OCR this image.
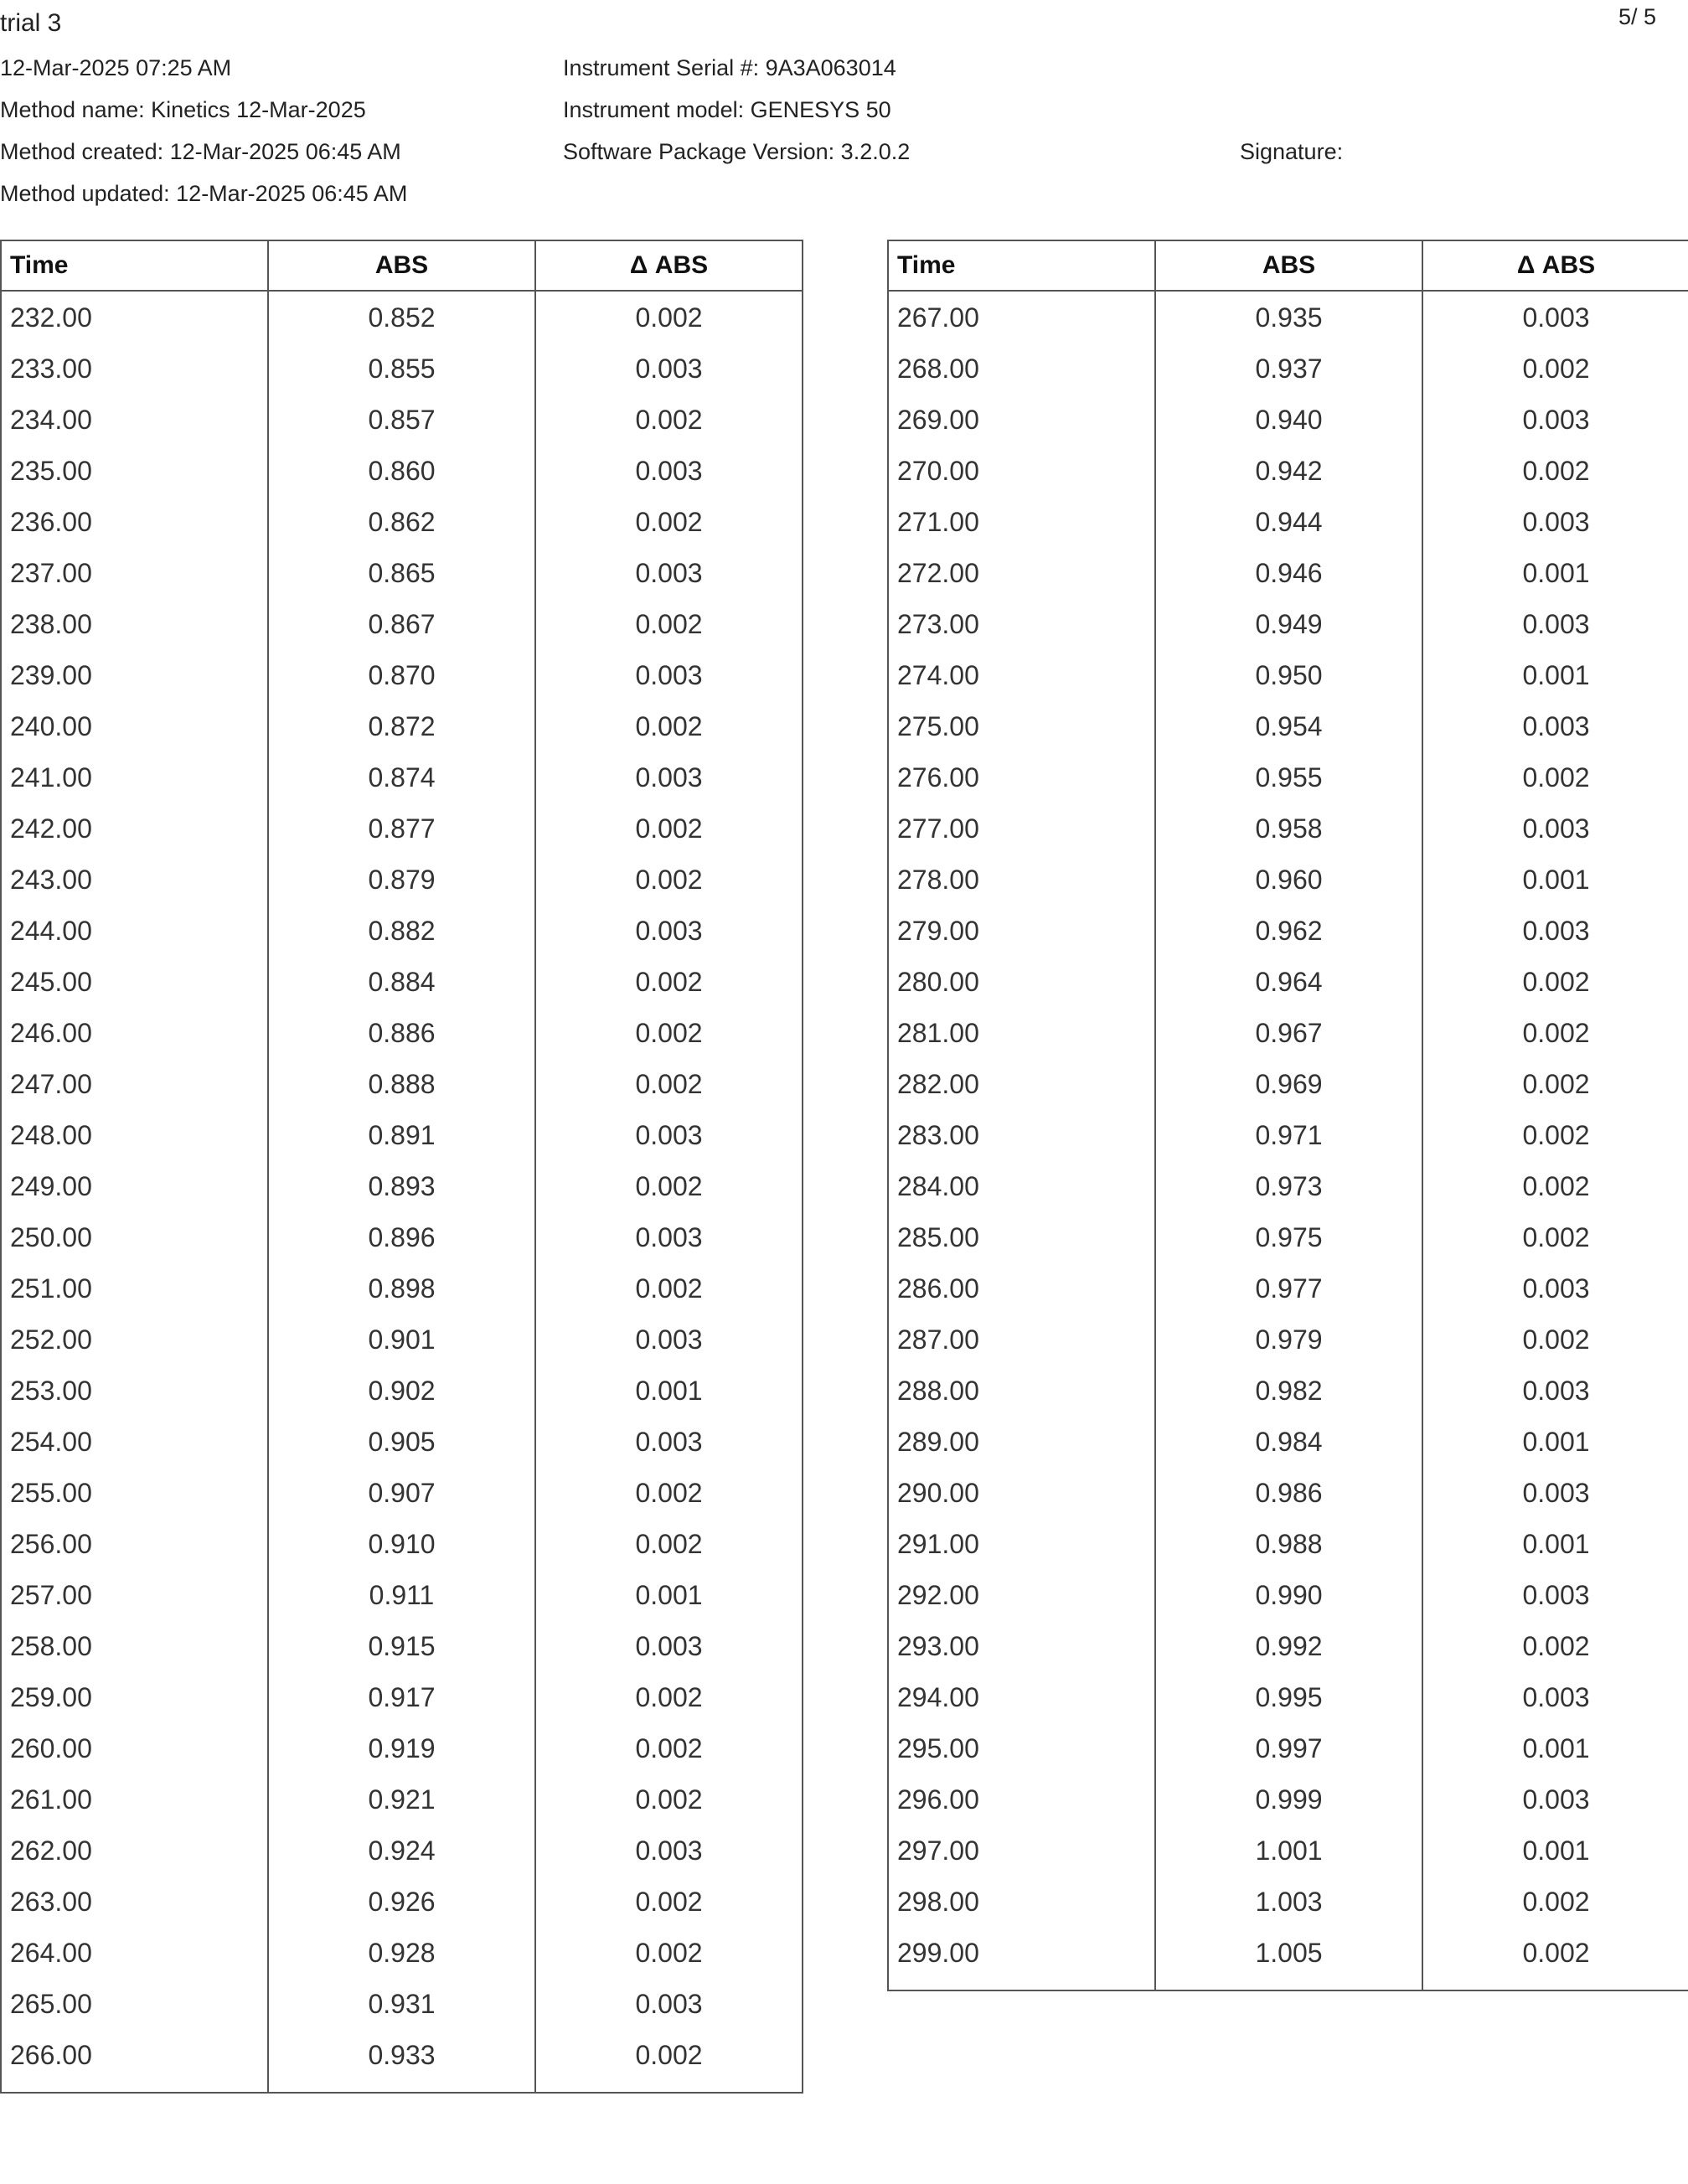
trial 3	5/ 5
12-Mar-2025 07:25 AM
Method name: Kinetics 12-Mar-2025
Method created: 12-Mar-2025 06:45 AM
Method updated: 12-Mar-2025 06:45 AM
Instrument Serial #: 9A3A063014
Instrument model: GENESYS 50
Software Package Version: 3.2.0.2	Signature:
Time	ABS	Δ ABS
232.00	0.852	0.002
233.00	0.855	0.003
234.00	0.857	0.002
235.00	0.860	0.003
236.00	0.862	0.002
237.00	0.865	0.003
238.00	0.867	0.002
239.00	0.870	0.003
240.00	0.872	0.002
241.00	0.874	0.003
242.00	0.877	0.002
243.00	0.879	0.002
244.00	0.882	0.003
245.00	0.884	0.002
246.00	0.886	0.002
247.00	0.888	0.002
248.00	0.891	0.003
249.00	0.893	0.002
250.00	0.896	0.003
251.00	0.898	0.002
252.00	0.901	0.003
253.00	0.902	0.001
254.00	0.905	0.003
255.00	0.907	0.002
256.00	0.910	0.002
257.00	0.911	0.001
258.00	0.915	0.003
259.00	0.917	0.002
260.00	0.919	0.002
261.00	0.921	0.002
262.00	0.924	0.003
263.00	0.926	0.002
264.00	0.928	0.002
265.00	0.931	0.003
266.00	0.933	0.002

Time	ABS	Δ ABS
267.00	0.935	0.003
268.00	0.937	0.002
269.00	0.940	0.003
270.00	0.942	0.002
271.00	0.944	0.003
272.00	0.946	0.001
273.00	0.949	0.003
274.00	0.950	0.001
275.00	0.954	0.003
276.00	0.955	0.002
277.00	0.958	0.003
278.00	0.960	0.001
279.00	0.962	0.003
280.00	0.964	0.002
281.00	0.967	0.002
282.00	0.969	0.002
283.00	0.971	0.002
284.00	0.973	0.002
285.00	0.975	0.002
286.00	0.977	0.003
287.00	0.979	0.002
288.00	0.982	0.003
289.00	0.984	0.001
290.00	0.986	0.003
291.00	0.988	0.001
292.00	0.990	0.003
293.00	0.992	0.002
294.00	0.995	0.003
295.00	0.997	0.001
296.00	0.999	0.003
297.00	1.001	0.001
298.00	1.003	0.002
299.00	1.005	0.002
